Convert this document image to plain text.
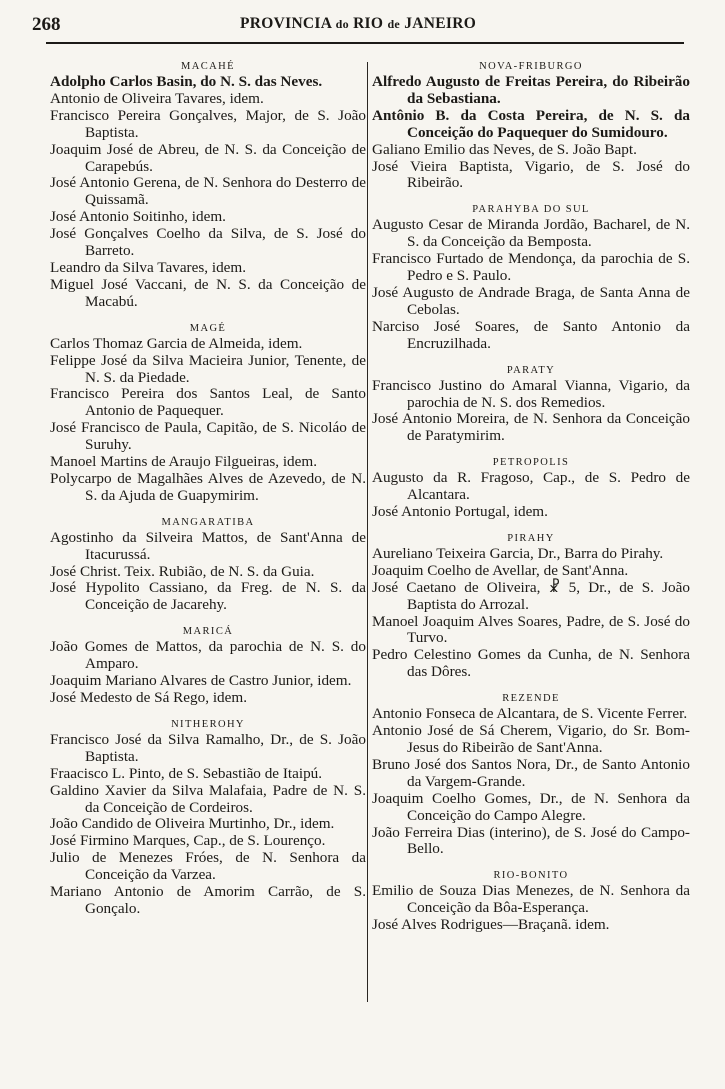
268	PROVINCIA do RIO de JANEIRO
MACAHÉ
Adolpho Carlos Basin, do N. S. das Neves.
Antonio de Oliveira Tavares, idem.
Francisco Pereira Gonçalves, Major, de S. João Baptista.
Joaquim José de Abreu, de N. S. da Conceição de Carapebús.
José Antonio Gerena, de N. Senhora do Desterro de Quissamã.
José Antonio Soitinho, idem.
José Gonçalves Coelho da Silva, de S. José do Barreto.
Leandro da Silva Tavares, idem.
Miguel José Vaccani, de N. S. da Conceição de Macabú.
MAGÉ
Carlos Thomaz Garcia de Almeida, idem.
Felippe José da Silva Macieira Junior, Tenente, de N. S. da Piedade.
Francisco Pereira dos Santos Leal, de Santo Antonio de Paquequer.
José Francisco de Paula, Capitão, de S. Nicoláo de Suruhy.
Manoel Martins de Araujo Filgueiras, idem.
Polycarpo de Magalhães Alves de Azevedo, de N. S. da Ajuda de Guapymirim.
MANGARATIBA
Agostinho da Silveira Mattos, de Sant'Anna de Itacurussá.
José Christ. Teix. Rubião, de N. S. da Guia.
José Hypolito Cassiano, da Freg. de N. S. da Conceição de Jacarehy.
MARICÁ
João Gomes de Mattos, da parochia de N. S. do Amparo.
Joaquim Mariano Alvares de Castro Junior, idem.
José Medesto de Sá Rego, idem.
NITHEROHY
Francisco José da Silva Ramalho, Dr., de S. João Baptista.
Fraacisco L. Pinto, de S. Sebastião de Itaipú.
Galdino Xavier da Silva Malafaia, Padre de N. S. da Conceição de Cordeiros.
João Candido de Oliveira Murtinho, Dr., idem.
José Firmino Marques, Cap., de S. Lourenço.
Julio de Menezes Fróes, de N. Senhora da Conceição da Varzea.
Mariano Antonio de Amorim Carrão, de S. Gonçalo.
NOVA-FRIBURGO
Alfredo Augusto de Freitas Pereira, do Ribeirão da Sebastiana.
Antônio B. da Costa Pereira, de N. S. da Conceição do Paquequer do Sumidouro.
Galiano Emilio das Neves, de S. João Bapt.
José Vieira Baptista, Vigario, de S. José do Ribeirão.
PARAHYBA DO SUL
Augusto Cesar de Miranda Jordão, Bacharel, de N. S. da Conceição da Bemposta.
Francisco Furtado de Mendonça, da parochia de S. Pedro e S. Paulo.
José Augusto de Andrade Braga, de Santa Anna de Cebolas.
Narciso José Soares, de Santo Antonio da Encruzilhada.
PARATY
Francisco Justino do Amaral Vianna, Vigario, da parochia de N. S. dos Remedios.
José Antonio Moreira, de N. Senhora da Conceição de Paratymirim.
PETROPOLIS
Augusto da R. Fragoso, Cap., de S. Pedro de Alcantara.
José Antonio Portugal, idem.
PIRAHY
Aureliano Teixeira Garcia, Dr., Barra do Pirahy.
Joaquim Coelho de Avellar, de Sant'Anna.
José Caetano de Oliveira, ☧ 5, Dr., de S. João Baptista do Arrozal.
Manoel Joaquim Alves Soares, Padre, de S. José do Turvo.
Pedro Celestino Gomes da Cunha, de N. Senhora das Dôres.
REZENDE
Antonio Fonseca de Alcantara, de S. Vicente Ferrer.
Antonio José de Sá Cherem, Vigario, do Sr. Bom-Jesus do Ribeirão de Sant'Anna.
Bruno José dos Santos Nora, Dr., de Santo Antonio da Vargem-Grande.
Joaquim Coelho Gomes, Dr., de N. Senhora da Conceição do Campo Alegre.
João Ferreira Dias (interino), de S. José do Campo-Bello.
RIO-BONITO
Emilio de Souza Dias Menezes, de N. Senhora da Conceição da Bôa-Esperança.
José Alves Rodrigues—Braçanã. idem.
